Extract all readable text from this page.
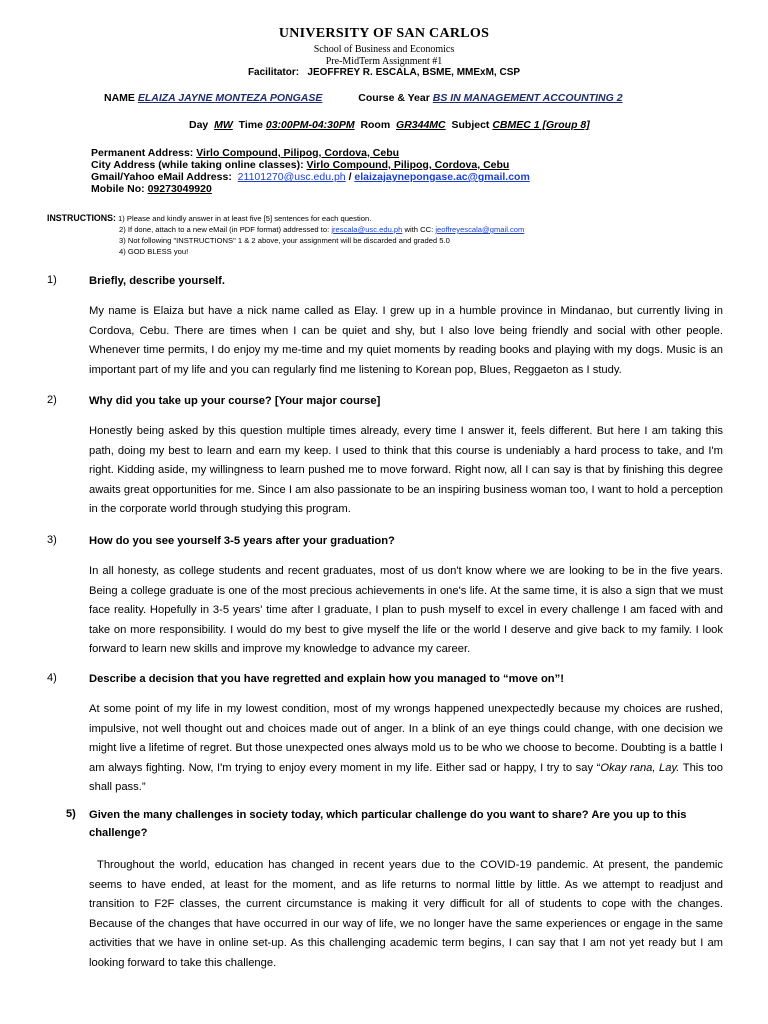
UNIVERSITY OF SAN CARLOS
School of Business and Economics
Pre-MidTerm Assignment #1
Facilitator: JEOFFREY R. ESCALA, BSME, MMExM, CSP
NAME ELAIZA JAYNE MONTEZA PONGASE	Course & Year BS IN MANAGEMENT ACCOUNTING 2
Day MW Time 03:00PM-04:30PM Room GR344MC Subject CBMEC 1 [Group 8]
Permanent Address: Virlo Compound, Pilipog, Cordova, Cebu
City Address (while taking online classes): Virlo Compound, Pilipog, Cordova, Cebu
Gmail/Yahoo eMail Address: 21101270@usc.edu.ph / elaizajaynepongase.ac@gmail.com
Mobile No: 09273049920
INSTRUCTIONS: 1) Please and kindly answer in at least five [5] sentences for each question.
2) If done, attach to a new eMail (in PDF format) addressed to: jrescala@usc.edu.ph with CC: jeoffreyescala@gmail.com
3) Not following "INSTRUCTIONS" 1 & 2 above, your assignment will be discarded and graded 5.0
4) GOD BLESS you!
1)	Briefly, describe yourself.
My name is Elaiza but have a nick name called as Elay. I grew up in a humble province in Mindanao, but currently living in Cordova, Cebu. There are times when I can be quiet and shy, but I also love being friendly and social with other people. Whenever time permits, I do enjoy my me-time and my quiet moments by reading books and playing with my dogs. Music is an important part of my life and you can regularly find me listening to Korean pop, Blues, Reggaeton as I study.
2)	Why did you take up your course? [Your major course]
Honestly being asked by this question multiple times already, every time I answer it, feels different. But here I am taking this path, doing my best to learn and earn my keep. I used to think that this course is undeniably a hard process to take, and I'm right. Kidding aside, my willingness to learn pushed me to move forward. Right now, all I can say is that by finishing this degree awaits great opportunities for me. Since I am also passionate to be an inspiring business woman too, I want to hold a perception in the corporate world through studying this program.
3)	How do you see yourself 3-5 years after your graduation?
In all honesty, as college students and recent graduates, most of us don't know where we are looking to be in the five years. Being a college graduate is one of the most precious achievements in one's life. At the same time, it is also a sign that we must face reality. Hopefully in 3-5 years' time after I graduate, I plan to push myself to excel in every challenge I am faced with and take on more responsibility. I would do my best to give myself the life or the world I deserve and give back to my family. I look forward to learn new skills and improve my knowledge to advance my career.
4)	Describe a decision that you have regretted and explain how you managed to “move on”!
At some point of my life in my lowest condition, most of my wrongs happened unexpectedly because my choices are rushed, impulsive, not well thought out and choices made out of anger. In a blink of an eye things could change, with one decision we might live a lifetime of regret. But those unexpected ones always mold us to be who we choose to become. Doubting is a battle I am always fighting. Now, I'm trying to enjoy every moment in my life. Either sad or happy, I try to say “Okay rana, Lay. This too shall pass.”
5) Given the many challenges in society today, which particular challenge do you want to share? Are you up to this challenge?
Throughout the world, education has changed in recent years due to the COVID-19 pandemic. At present, the pandemic seems to have ended, at least for the moment, and as life returns to normal little by little. As we attempt to readjust and transition to F2F classes, the current circumstance is making it very difficult for all of students to cope with the changes. Because of the changes that have occurred in our way of life, we no longer have the same experiences or engage in the same activities that we have in online set-up. As this challenging academic term begins, I can say that I am not yet ready but I am looking forward to take this challenge.
